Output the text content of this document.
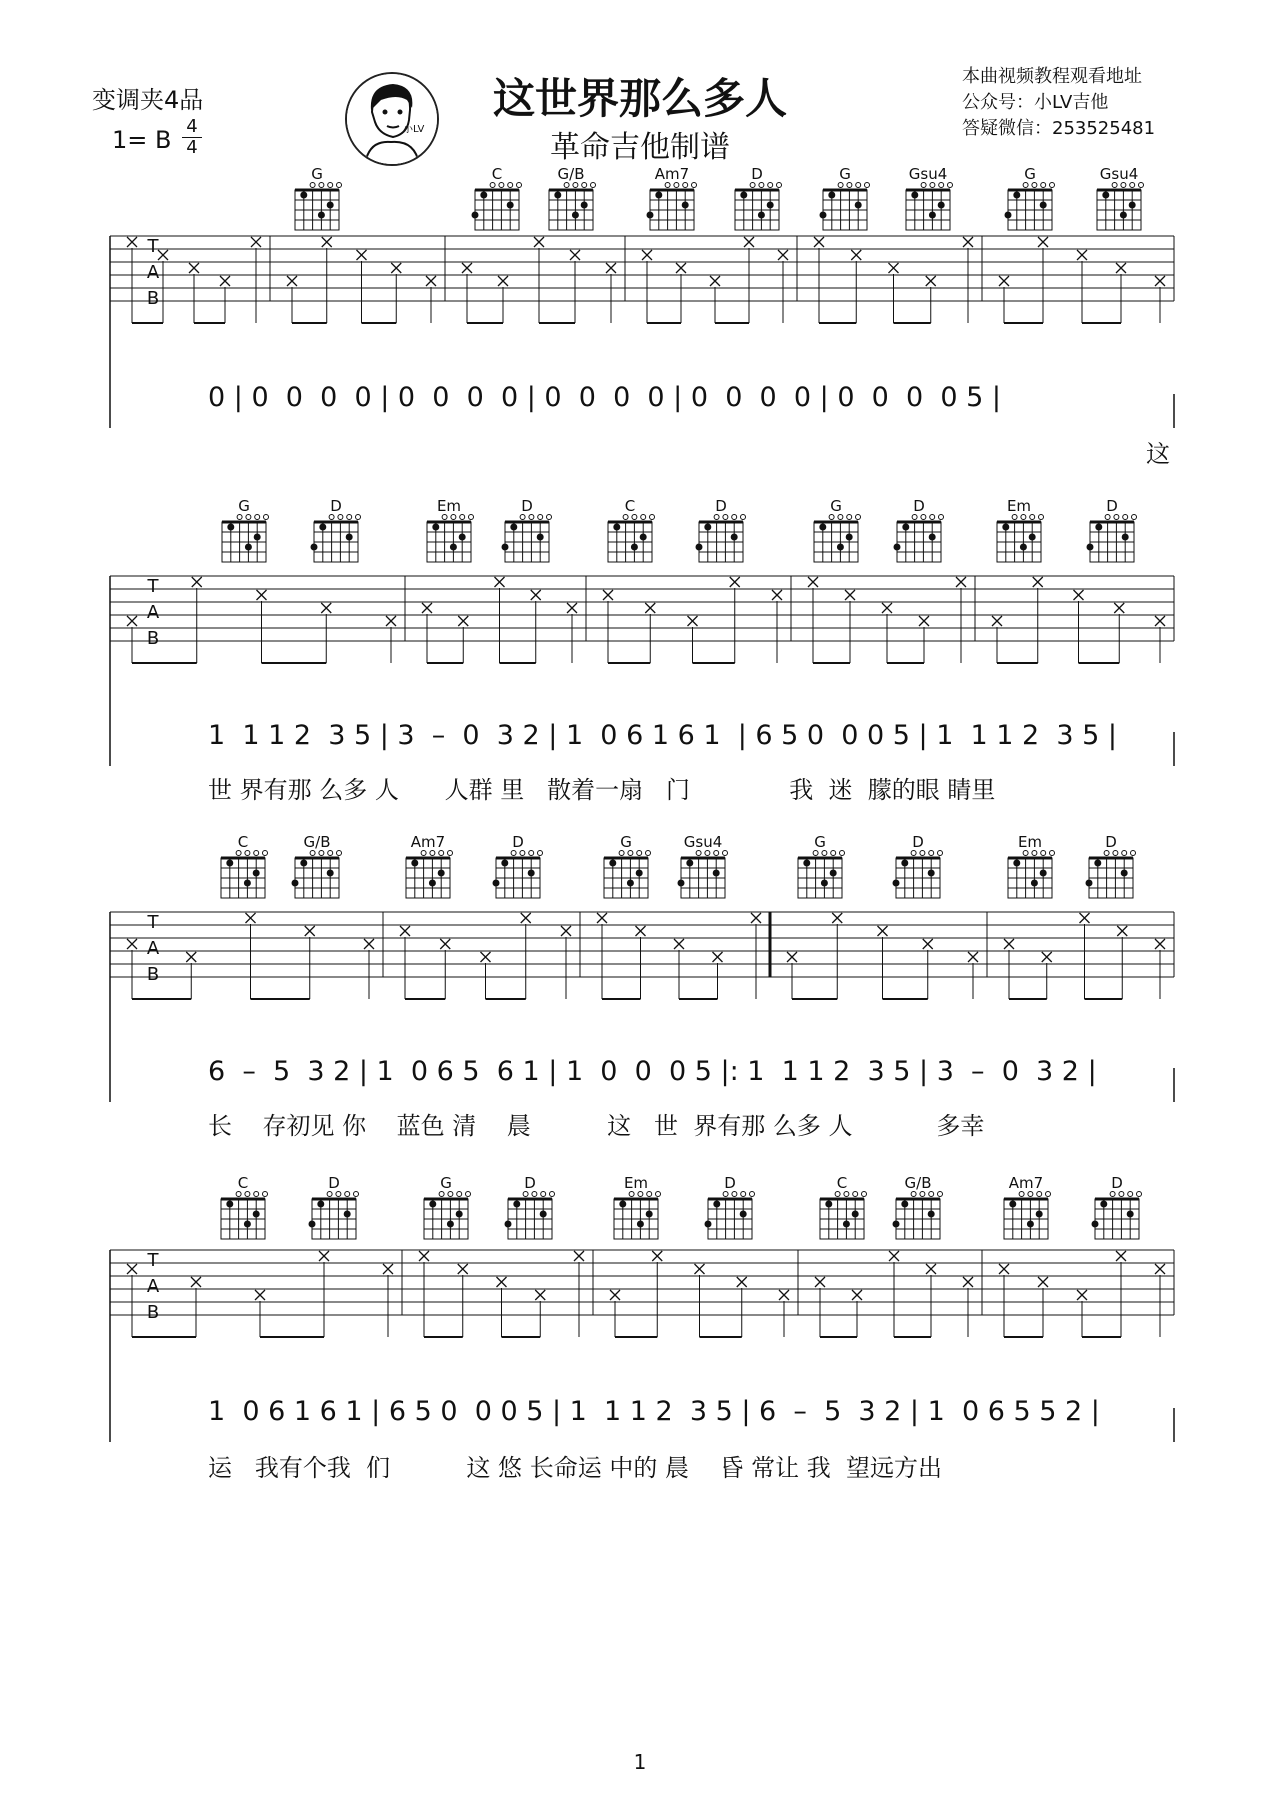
变调夹4品
1= B 4
4
小LV
这世界那么多人
革命吉他制谱
本曲视频教程观看地址
公众号：小LV吉他
答疑微信：253525481
G	C	G/B	Am7	D	G	Gsu4	G	Gsu4
T
A
B
0 | 0  0  0  0 | 0  0  0  0 | 0  0  0  0 | 0  0  0  0 | 0  0  0  0 5 |
这
G	D	Em	D	C	D	G	D	Em	D
T
A
B
1  1 1 2  3 5 | 3  –  0  3 2 | 1  0 6 1 6 1  | 6 5 0  0 0 5 | 1  1 1 2  3 5 |
世 界有那 么多 人      人群 里   散着一扇   门             我  迷  朦的眼 睛里
C	G/B	Am7	D	G	Gsu4	G	D	Em	D
T
A
B
6  –  5  3 2 | 1  0 6 5  6 1 | 1  0  0  0 5 |: 1  1 1 2  3 5 | 3  –  0  3 2 |
长    存初见 你    蓝色 清    晨          这   世  界有那 么多 人           多幸
C	D	G	D	Em	D	C	G/B	Am7	D
T
A
B
1  0 6 1 6 1 | 6 5 0  0 0 5 | 1  1 1 2  3 5 | 6  –  5  3 2 | 1  0 6 5 5 2 |
运   我有个我  们          这 悠 长命运 中的 晨    昏 常让 我  望远方出
1
